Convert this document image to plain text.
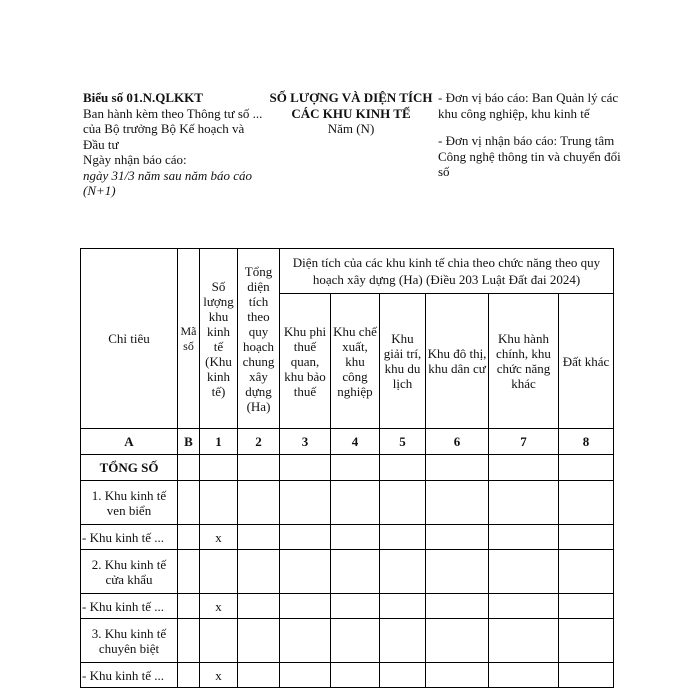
Biểu số 01.N.QLKKT
Ban hành kèm theo Thông tư số ... của Bộ trưởng Bộ Kế hoạch và Đầu tư
Ngày nhận báo cáo:
ngày 31/3 năm sau năm báo cáo (N+1)
SỐ LƯỢNG VÀ DIỆN TÍCH CÁC KHU KINH TẾ
Năm (N)

- Đơn vị báo cáo: Ban Quản lý các khu công nghiệp, khu kinh tế

- Đơn vị nhận báo cáo: Trung tâm Công nghệ thông tin và chuyển đổi số

Chỉ tiêu	Mã số	Số lượng khu kinh tế (Khu kinh tế)	Tổng diện tích theo quy hoạch chung xây dựng (Ha)	Diện tích của các khu kinh tế chia theo chức năng theo quy hoạch xây dựng (Ha) (Điều 203 Luật Đất đai 2024)					
				Khu phi thuế quan, khu bảo thuế	Khu chế xuất, khu công nghiệp	Khu giải trí, khu du lịch	Khu đô thị, khu dân cư	Khu hành chính, khu chức năng khác	Đất khác
A	B	1	2	3	4	5	6	7	8
TỔNG SỐ									
1. Khu kinh tế ven biển									
- Khu kinh tế ...		x							
2. Khu kinh tế cửa khẩu									
- Khu kinh tế ...		x							
3. Khu kinh tế chuyên biệt									
- Khu kinh tế ...		x							
